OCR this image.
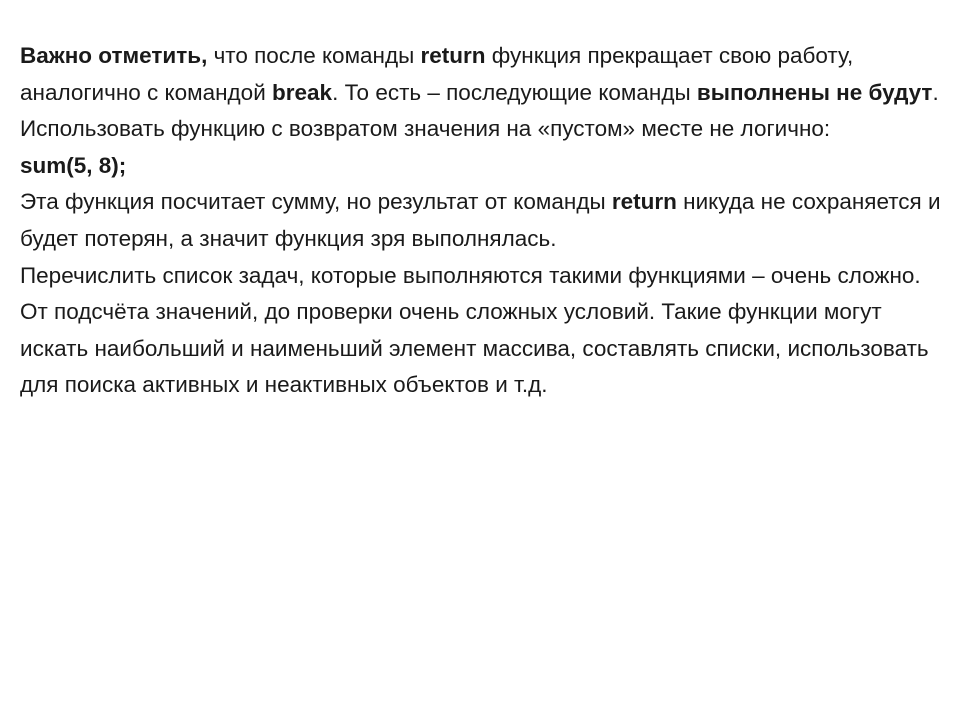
Важно отметить, что после команды return функция прекращает свою работу, аналогично с командой break. То есть – последующие команды выполнены не будут.

Использовать функцию с возвратом значения на «пустом» месте не логично:

sum(5, 8);

Эта функция посчитает сумму, но результат от команды return никуда не сохраняется и будет потерян, а значит функция зря выполнялась.

Перечислить список задач, которые выполняются такими функциями – очень сложно. От подсчёта значений, до проверки очень сложных условий. Такие функции могут искать наибольший и наименьший элемент массива, составлять списки, использовать для поиска активных и неактивных объектов и т.д.
